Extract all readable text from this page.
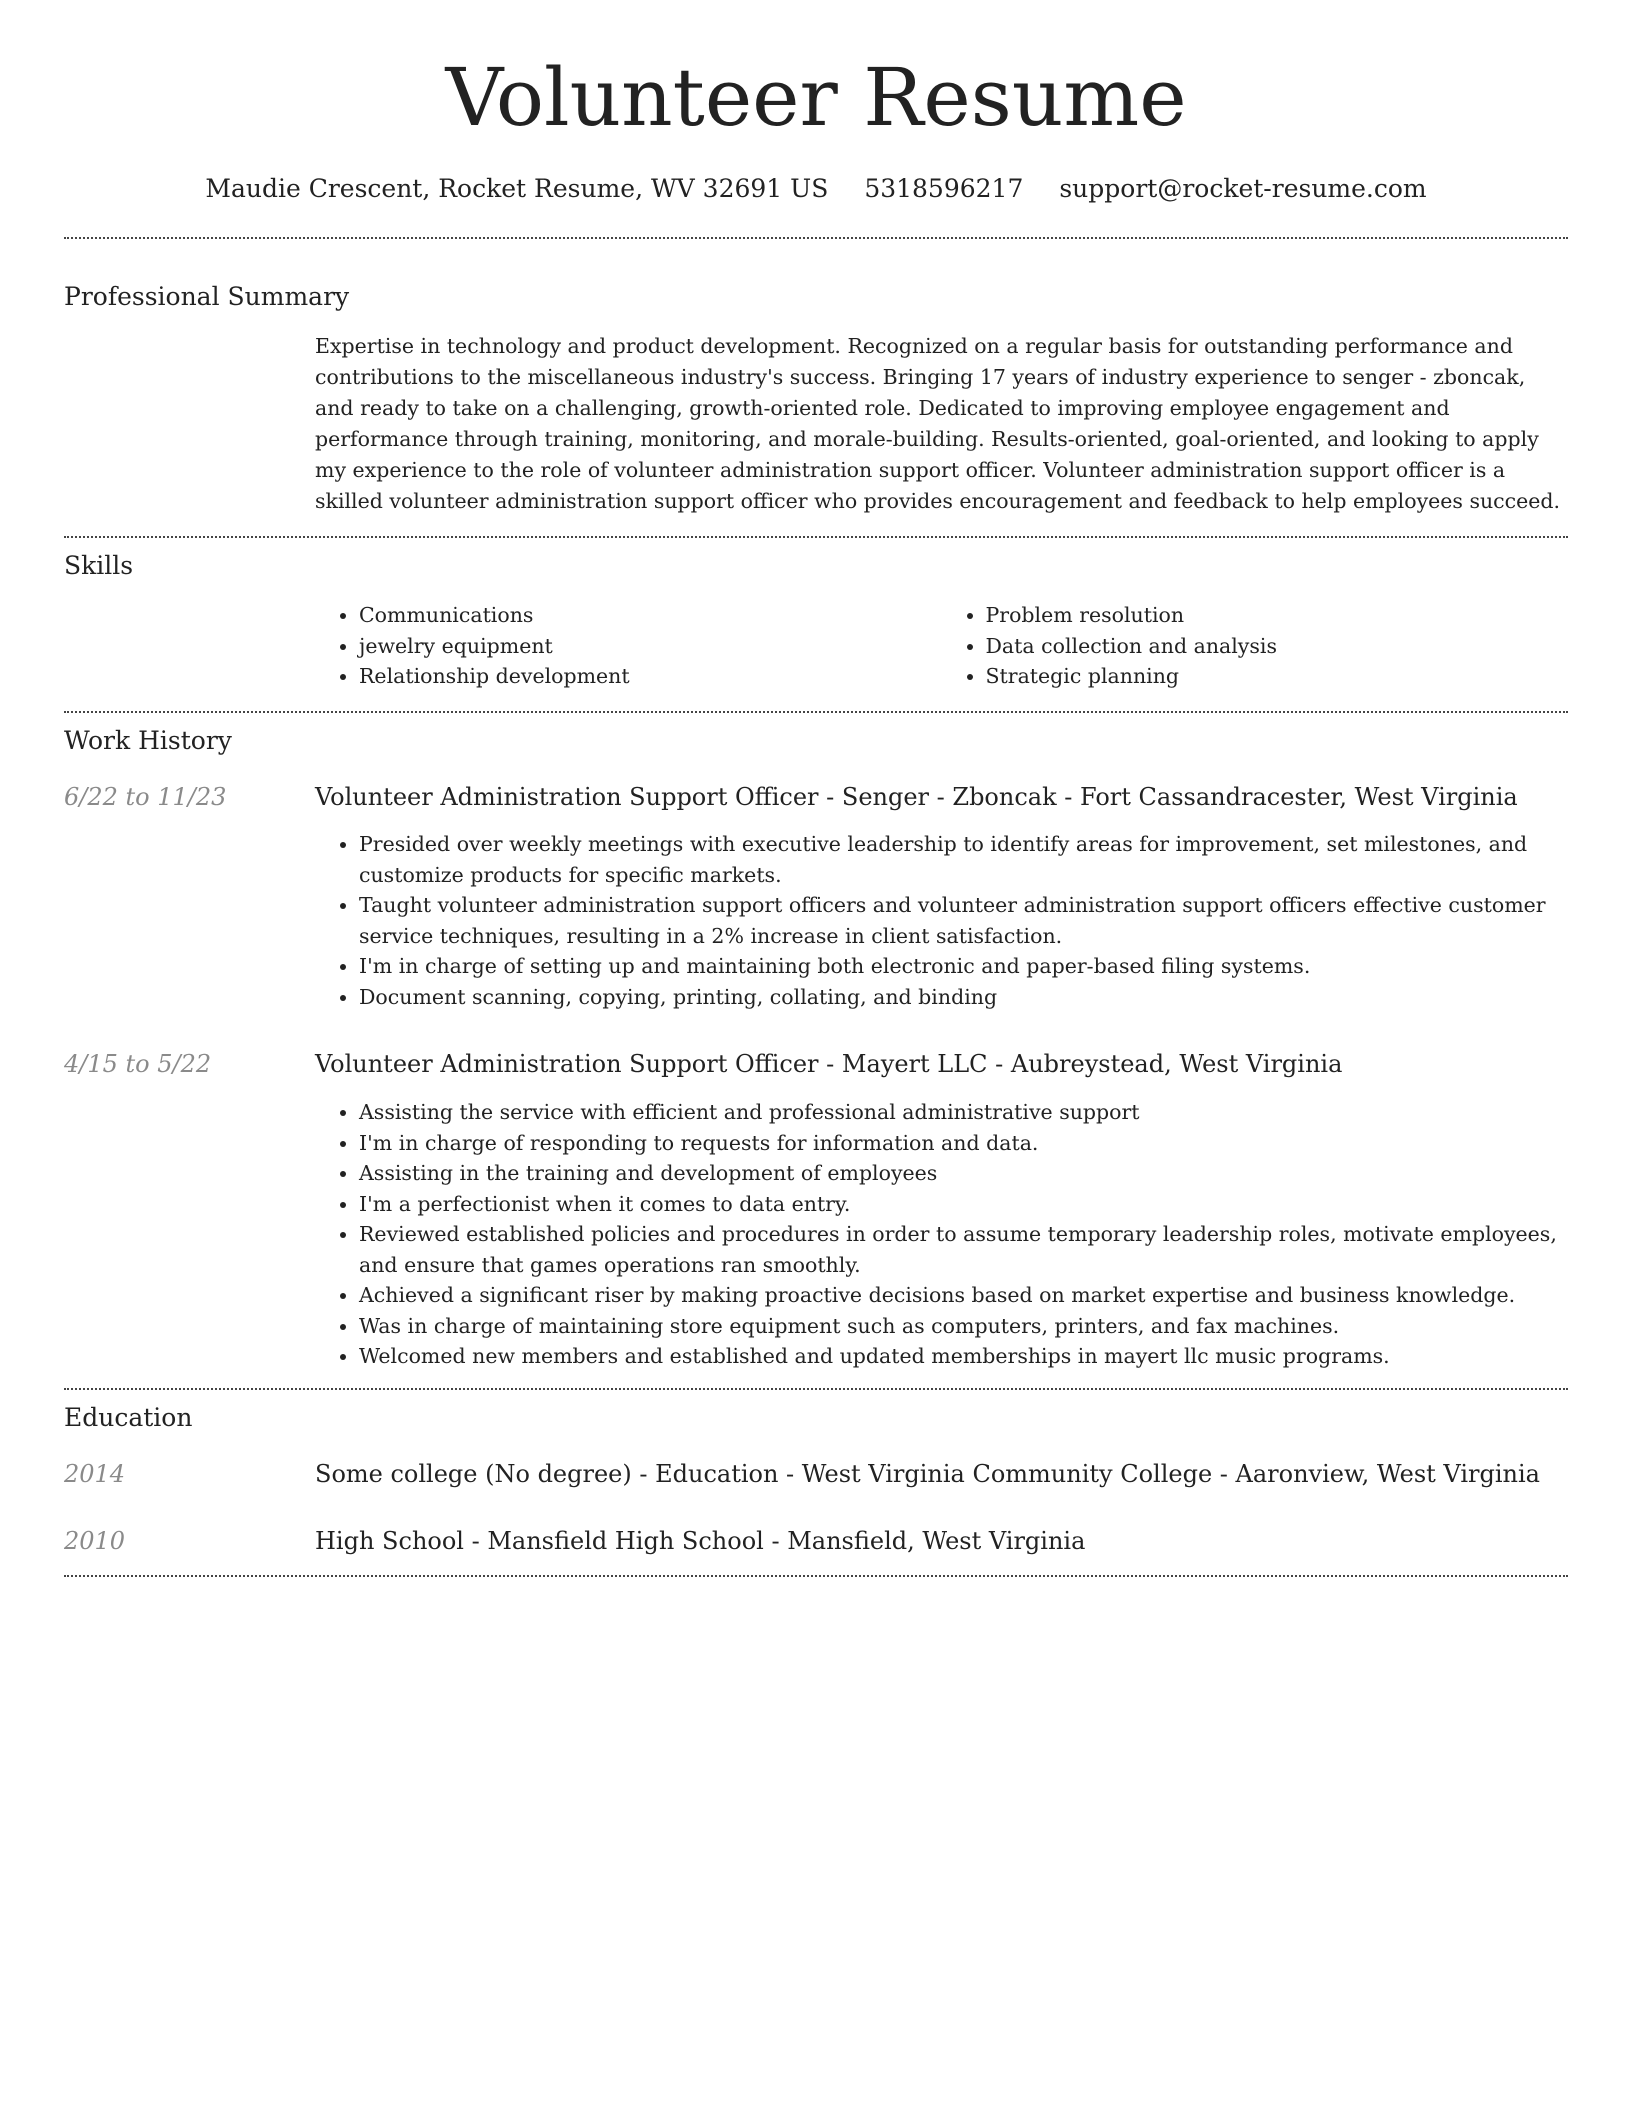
Volunteer Resume
Maudie Crescent, Rocket Resume, WV 32691 US 5318596217 support@rocket-resume.com
Professional Summary

Expertise in technology and product development. Recognized on a regular basis for outstanding performance and contributions to the miscellaneous industry's success. Bringing 17 years of industry experience to senger - zboncak, and ready to take on a challenging, growth-oriented role. Dedicated to improving employee engagement and performance through training, monitoring, and morale-building. Results-oriented, goal-oriented, and looking to apply my experience to the role of volunteer administration support officer. Volunteer administration support officer is a skilled volunteer administration support officer who provides encouragement and feedback to help employees succeed.

Skills
• Communications
• jewelry equipment
• Relationship development
• Problem resolution
• Data collection and analysis
• Strategic planning
Work History
6/22 to 11/23	Volunteer Administration Support Officer - Senger - Zboncak - Fort Cassandracester, West Virginia

• Presided over weekly meetings with executive leadership to identify areas for improvement, set milestones, and customize products for specific markets.
• Taught volunteer administration support officers and volunteer administration support officers effective customer service techniques, resulting in a 2% increase in client satisfaction.
• I'm in charge of setting up and maintaining both electronic and paper-based filing systems.
• Document scanning, copying, printing, collating, and binding
4/15 to 5/22	Volunteer Administration Support Officer - Mayert LLC - Aubreystead, West Virginia

• Assisting the service with efficient and professional administrative support
• I'm in charge of responding to requests for information and data.
• Assisting in the training and development of employees
• I'm a perfectionist when it comes to data entry.
• Reviewed established policies and procedures in order to assume temporary leadership roles, motivate employees, and ensure that games operations ran smoothly.
• Achieved a significant riser by making proactive decisions based on market expertise and business knowledge.
• Was in charge of maintaining store equipment such as computers, printers, and fax machines.
• Welcomed new members and established and updated memberships in mayert llc music programs.
Education
2014	Some college (No degree) - Education - West Virginia Community College - Aaronview, West Virginia

2010	High School - Mansfield High School - Mansfield, West Virginia
